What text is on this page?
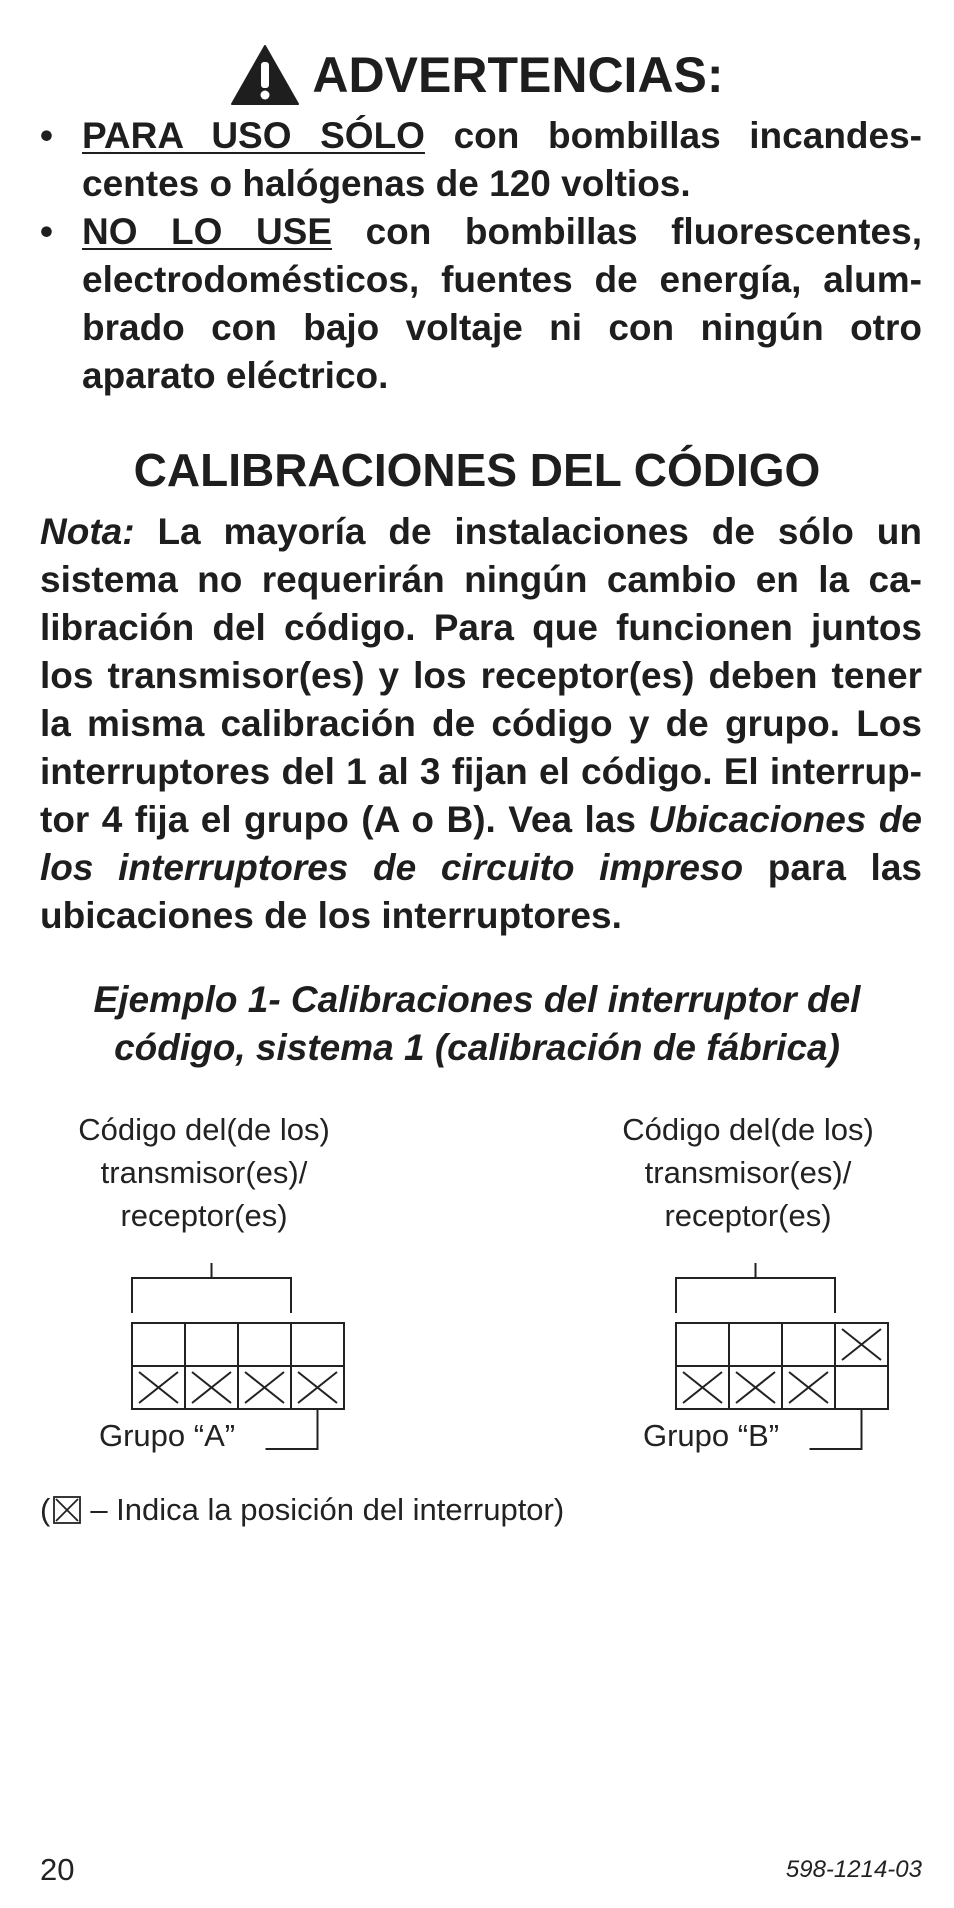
ADVERTENCIAS:
• PARA USO SÓLO con bombillas incandes- centes o halógenas de 120 voltios.
• NO LO USE con bombillas fluorescentes, electrodomésticos, fuentes de energía, alum- brado con bajo voltaje ni con ningún otro aparato eléctrico.
CALIBRACIONES DEL CÓDIGO
Nota: La mayoría de instalaciones de sólo un sistema no requerirán ningún cambio en la ca- libración del código. Para que funcionen juntos los transmisor(es) y los receptor(es) deben tener la misma calibración de código y de grupo. Los interruptores del 1 al 3 fijan el código. El interrup- tor 4 fija el grupo (A o B). Vea las Ubicaciones de los interruptores de circuito impreso para las ubicaciones de los interruptores.
Ejemplo 1- Calibraciones del interruptor del
código, sistema 1 (calibración de fábrica)
Código del(de los)
transmisor(es)/
receptor(es)
Grupo “A”
Código del(de los)
transmisor(es)/
receptor(es)
Grupo “B”
( – Indica la posición del interruptor)
20	598-1214-03
